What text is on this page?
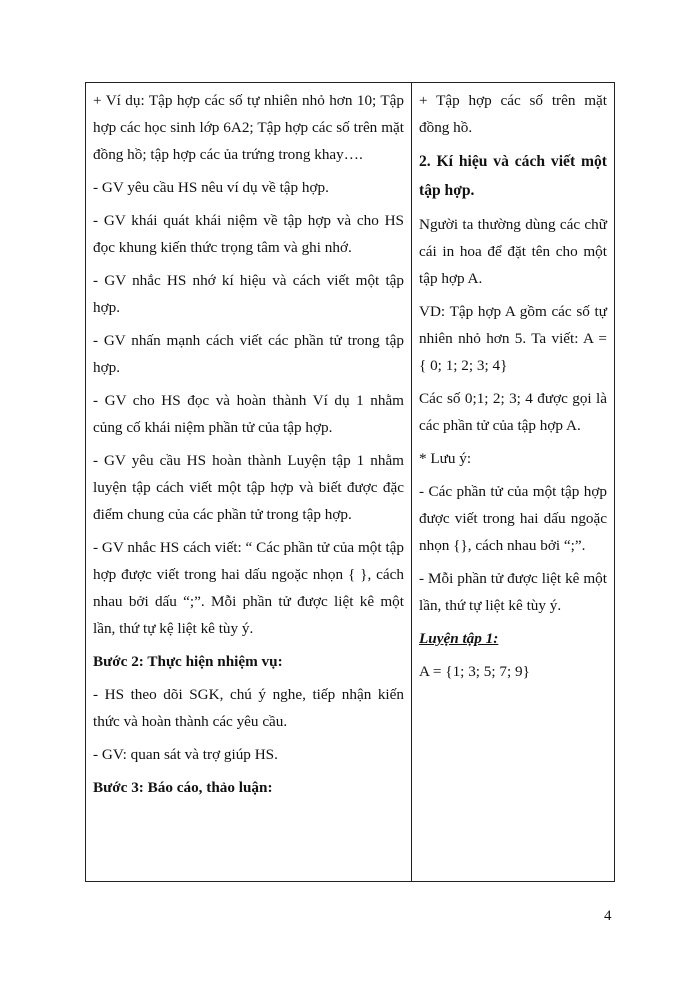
+ Ví dụ: Tập hợp các số tự nhiên nhỏ hơn 10; Tập hợp các học sinh lớp 6A2; Tập hợp các số trên mặt đồng hồ; tập hợp các ủa trứng trong khay….

- GV yêu cầu HS nêu ví dụ về tập hợp.

- GV khái quát khái niệm về tập hợp và cho HS đọc khung kiến thức trọng tâm và ghi nhớ.

- GV nhắc HS nhớ kí hiệu và cách viết một tập hợp.

- GV nhấn mạnh cách viết các phần tử trong tập hợp.

- GV cho HS đọc và hoàn thành Ví dụ 1 nhằm củng cố khái niệm phần tử của tập hợp.

- GV yêu cầu HS hoàn thành Luyện tập 1 nhằm luyện tập cách viết một tập hợp và biết được đặc điểm chung của các phần tử trong tập hợp.

- GV nhắc HS cách viết: “ Các phần tử của một tập hợp được viết trong hai dấu ngoặc nhọn { }, cách nhau bởi dấu “;”. Mỗi phần tử được liệt kê một lần, thứ tự kệ liệt kê tùy ý.

Bước 2: Thực hiện nhiệm vụ:

- HS theo dõi SGK, chú ý nghe, tiếp nhận kiến thức và hoàn thành các yêu cầu.

- GV: quan sát và trợ giúp HS.

Bước 3: Báo cáo, thảo luận:

+ Tập hợp các số trên mặt đồng hồ.

2. Kí hiệu và cách viết một tập hợp.

Người ta thường dùng các chữ cái in hoa để đặt tên cho một tập hợp A.

VD: Tập hợp A gồm các số tự nhiên nhỏ hơn 5. Ta viết: A = { 0; 1; 2; 3; 4}

Các số 0;1; 2; 3; 4 được gọi là các phần tử của tập hợp A.

* Lưu ý:

- Các phần tử của một tập hợp được viết trong hai dấu ngoặc nhọn {}, cách nhau bởi “;”.

- Mỗi phần tử được liệt kê một lần, thứ tự liệt kê tùy ý.

Luyện tập 1:

A = {1; 3; 5; 7; 9}

4
